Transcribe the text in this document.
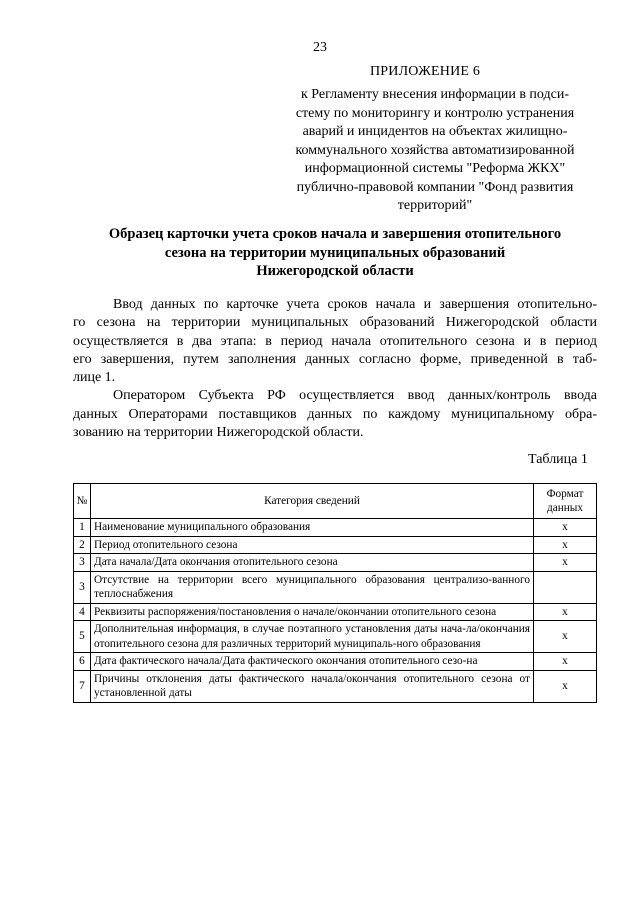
23
ПРИЛОЖЕНИЕ 6
к Регламенту внесения информации в подси-
стему по мониторингу и контролю устранения
аварий и инцидентов на объектах жилищно-
коммунального хозяйства автоматизированной
информационной системы "Реформа ЖКХ"
публично-правовой компании "Фонд развития
территорий"
Образец карточки учета сроков начала и завершения отопительного
сезона на территории муниципальных образований
Нижегородской области
Ввод данных по карточке учета сроков начала и завершения отопительно-
го сезона на территории муниципальных образований Нижегородской области
осуществляется в два этапа: в период начала отопительного сезона и в период
его завершения, путем заполнения данных согласно форме, приведенной в таб-
лице 1.
Оператором Субъекта РФ осуществляется ввод данных/контроль ввода
данных Операторами поставщиков данных по каждому муниципальному обра-
зованию на территории Нижегородской области.
Таблица 1
№	Категория сведений	Формат данных
1	Наименование муниципального образования	х
2	Период отопительного сезона	х
3	Дата начала/Дата окончания отопительного сезона	х
3	Отсутствие на территории всего муниципального образования централизо-ванного теплоснабжения	
4	Реквизиты распоряжения/постановления о начале/окончании отопительного сезона	х
5	Дополнительная информация, в случае поэтапного установления даты нача-ла/окончания отопительного сезона для различных территорий муниципаль-ного образования	х
6	Дата фактического начала/Дата фактического окончания отопительного сезо-на	х
7	Причины отклонения даты фактического начала/окончания отопительного сезона от установленной даты	х
